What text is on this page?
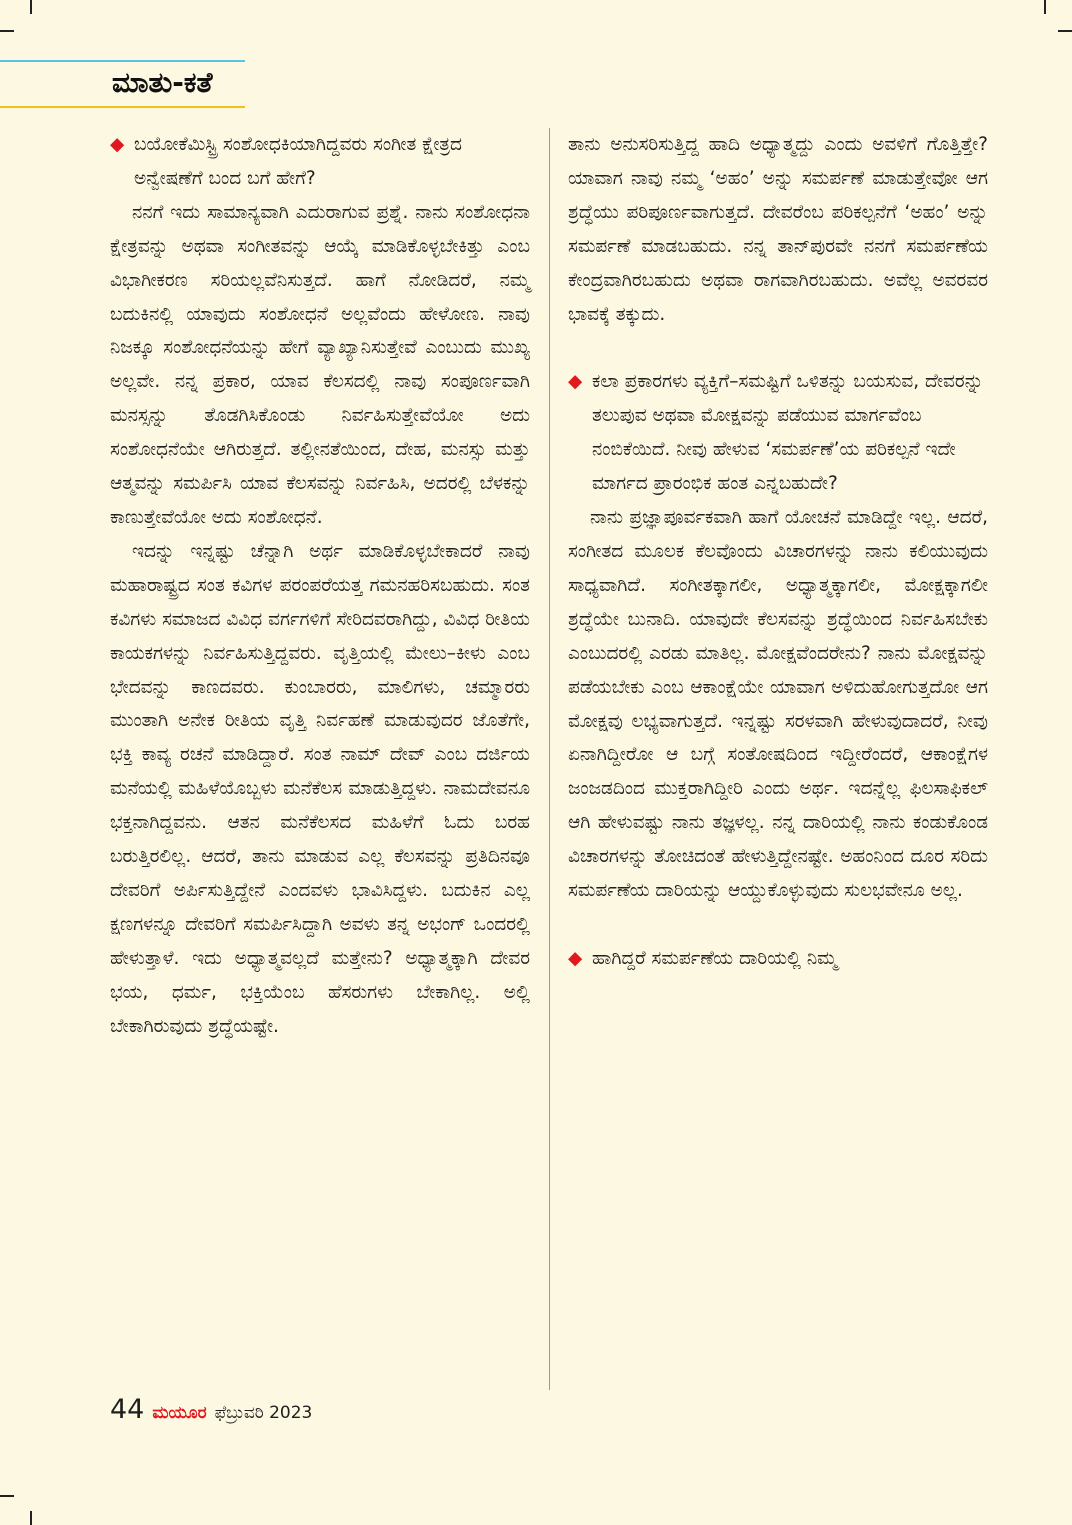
ಮಾತು-ಕತೆ

◆ ಬಯೋಕೆಮಿಸ್ಟ್ರಿ ಸಂಶೋಧಕಿಯಾಗಿದ್ದವರು ಸಂಗೀತ ಕ್ಷೇತ್ರದ ಅನ್ವೇಷಣೆಗೆ ಬಂದ ಬಗೆ ಹೇಗೆ?

ನನಗೆ ಇದು ಸಾಮಾನ್ಯವಾಗಿ ಎದುರಾಗುವ ಪ್ರಶ್ನೆ. ನಾನು ಸಂಶೋಧನಾ ಕ್ಷೇತ್ರವನ್ನು ಅಥವಾ ಸಂಗೀತವನ್ನು ಆಯ್ಕೆ ಮಾಡಿಕೊಳ್ಳಬೇಕಿತ್ತು ಎಂಬ ವಿಭಾಗೀಕರಣ ಸರಿಯಲ್ಲವೆನಿಸುತ್ತದೆ. ಹಾಗೆ ನೋಡಿದರೆ, ನಮ್ಮ ಬದುಕಿನಲ್ಲಿ ಯಾವುದು ಸಂಶೋಧನೆ ಅಲ್ಲವೆಂದು ಹೇಳೋಣ. ನಾವು ನಿಜಕ್ಕೂ ಸಂಶೋಧನೆಯನ್ನು ಹೇಗೆ ವ್ಯಾಖ್ಯಾನಿಸುತ್ತೇವೆ ಎಂಬುದು ಮುಖ್ಯ ಅಲ್ಲವೇ. ನನ್ನ ಪ್ರಕಾರ, ಯಾವ ಕೆಲಸದಲ್ಲಿ ನಾವು ಸಂಪೂರ್ಣವಾಗಿ ಮನಸ್ಸನ್ನು ತೊಡಗಿಸಿಕೊಂಡು ನಿರ್ವಹಿಸುತ್ತೇವೆಯೋ ಅದು ಸಂಶೋಧನೆಯೇ ಆಗಿರುತ್ತದೆ. ತಲ್ಲೀನತೆಯಿಂದ, ದೇಹ, ಮನಸ್ಸು ಮತ್ತು ಆತ್ಮವನ್ನು ಸಮರ್ಪಿಸಿ ಯಾವ ಕೆಲಸವನ್ನು ನಿರ್ವಹಿಸಿ, ಅದರಲ್ಲಿ ಬೆಳಕನ್ನು ಕಾಣುತ್ತೇವೆಯೋ ಅದು ಸಂಶೋಧನೆ.

ಇದನ್ನು ಇನ್ನಷ್ಟು ಚೆನ್ನಾಗಿ ಅರ್ಥ ಮಾಡಿಕೊಳ್ಳಬೇಕಾದರೆ ನಾವು ಮಹಾರಾಷ್ಟ್ರದ ಸಂತ ಕವಿಗಳ ಪರಂಪರೆಯತ್ತ ಗಮನಹರಿಸಬಹುದು. ಸಂತ ಕವಿಗಳು ಸಮಾಜದ ವಿವಿಧ ವರ್ಗಗಳಿಗೆ ಸೇರಿದವರಾಗಿದ್ದು, ವಿವಿಧ ರೀತಿಯ ಕಾಯಕಗಳನ್ನು ನಿರ್ವಹಿಸುತ್ತಿದ್ದವರು. ವೃತ್ತಿಯಲ್ಲಿ ಮೇಲು–ಕೀಳು ಎಂಬ ಭೇದವನ್ನು ಕಾಣದವರು. ಕುಂಬಾರರು, ಮಾಲಿಗಳು, ಚಮ್ಮಾರರು ಮುಂತಾಗಿ ಅನೇಕ ರೀತಿಯ ವೃತ್ತಿ ನಿರ್ವಹಣೆ ಮಾಡುವುದರ ಜೊತೆಗೇ, ಭಕ್ತಿ ಕಾವ್ಯ ರಚನೆ ಮಾಡಿದ್ದಾರೆ. ಸಂತ ನಾಮ್ ದೇವ್ ಎಂಬ ದರ್ಜಿಯ ಮನೆಯಲ್ಲಿ ಮಹಿಳೆಯೊಬ್ಬಳು ಮನೆಕೆಲಸ ಮಾಡುತ್ತಿದ್ದಳು. ನಾಮದೇವನೂ ಭಕ್ತನಾಗಿದ್ದವನು. ಆತನ ಮನೆಕೆಲಸದ ಮಹಿಳೆಗೆ ಓದು ಬರಹ ಬರುತ್ತಿರಲಿಲ್ಲ. ಆದರೆ, ತಾನು ಮಾಡುವ ಎಲ್ಲ ಕೆಲಸವನ್ನು ಪ್ರತಿದಿನವೂ ದೇವರಿಗೆ ಅರ್ಪಿಸುತ್ತಿದ್ದೇನೆ ಎಂದವಳು ಭಾವಿಸಿದ್ದಳು. ಬದುಕಿನ ಎಲ್ಲ ಕ್ಷಣಗಳನ್ನೂ ದೇವರಿಗೆ ಸಮರ್ಪಿಸಿದ್ದಾಗಿ ಅವಳು ತನ್ನ ಅಭಂಗ್ ಒಂದರಲ್ಲಿ ಹೇಳುತ್ತಾಳೆ. ಇದು ಅಧ್ಯಾತ್ಮವಲ್ಲದೆ ಮತ್ತೇನು? ಅಧ್ಯಾತ್ಮಕ್ಕಾಗಿ ದೇವರ ಭಯ, ಧರ್ಮ, ಭಕ್ತಿಯೆಂಬ ಹೆಸರುಗಳು ಬೇಕಾಗಿಲ್ಲ. ಅಲ್ಲಿ ಬೇಕಾಗಿರುವುದು ಶ್ರದ್ಧೆಯಷ್ಟೇ.

ತಾನು ಅನುಸರಿಸುತ್ತಿದ್ದ ಹಾದಿ ಅಧ್ಯಾತ್ಮದ್ದು ಎಂದು ಅವಳಿಗೆ ಗೊತ್ತಿತ್ತೇ? ಯಾವಾಗ ನಾವು ನಮ್ಮ ‘ಅಹಂ’ ಅನ್ನು ಸಮರ್ಪಣೆ ಮಾಡುತ್ತೇವೋ ಆಗ ಶ್ರದ್ಧೆಯು ಪರಿಪೂರ್ಣವಾಗುತ್ತದೆ. ದೇವರೆಂಬ ಪರಿಕಲ್ಪನೆಗೆ ‘ಅಹಂ’ ಅನ್ನು ಸಮರ್ಪಣೆ ಮಾಡಬಹುದು. ನನ್ನ ತಾನ್‌ಪುರವೇ ನನಗೆ ಸಮರ್ಪಣೆಯ ಕೇಂದ್ರವಾಗಿರಬಹುದು ಅಥವಾ ರಾಗವಾಗಿರಬಹುದು. ಅವೆಲ್ಲ ಅವರವರ ಭಾವಕ್ಕೆ ತಕ್ಕುದು.

◆ ಕಲಾ ಪ್ರಕಾರಗಳು ವ್ಯಕ್ತಿಗೆ–ಸಮಷ್ಟಿಗೆ ಒಳಿತನ್ನು ಬಯಸುವ, ದೇವರನ್ನು ತಲುಪುವ ಅಥವಾ ಮೋಕ್ಷವನ್ನು ಪಡೆಯುವ ಮಾರ್ಗವೆಂಬ ನಂಬಿಕೆಯಿದೆ. ನೀವು ಹೇಳುವ ‘ಸಮರ್ಪಣೆ’ಯ ಪರಿಕಲ್ಪನೆ ಇದೇ ಮಾರ್ಗದ ಪ್ರಾರಂಭಿಕ ಹಂತ ಎನ್ನಬಹುದೇ?

ನಾನು ಪ್ರಜ್ಞಾಪೂರ್ವಕವಾಗಿ ಹಾಗೆ ಯೋಚನೆ ಮಾಡಿದ್ದೇ ಇಲ್ಲ. ಆದರೆ, ಸಂಗೀತದ ಮೂಲಕ ಕೆಲವೊಂದು ವಿಚಾರಗಳನ್ನು ನಾನು ಕಲಿಯುವುದು ಸಾಧ್ಯವಾಗಿದೆ. ಸಂಗೀತಕ್ಕಾಗಲೀ, ಅಧ್ಯಾತ್ಮಕ್ಕಾಗಲೀ, ಮೋಕ್ಷಕ್ಕಾಗಲೀ ಶ್ರದ್ಧೆಯೇ ಬುನಾದಿ. ಯಾವುದೇ ಕೆಲಸವನ್ನು ಶ್ರದ್ಧೆಯಿಂದ ನಿರ್ವಹಿಸಬೇಕು ಎಂಬುದರಲ್ಲಿ ಎರಡು ಮಾತಿಲ್ಲ. ಮೋಕ್ಷವೆಂದರೇನು? ನಾನು ಮೋಕ್ಷವನ್ನು ಪಡೆಯಬೇಕು ಎಂಬ ಆಕಾಂಕ್ಷೆಯೇ ಯಾವಾಗ ಅಳಿದುಹೋಗುತ್ತದೋ ಆಗ ಮೋಕ್ಷವು ಲಭ್ಯವಾಗುತ್ತದೆ. ಇನ್ನಷ್ಟು ಸರಳವಾಗಿ ಹೇಳುವುದಾದರೆ, ನೀವು ಏನಾಗಿದ್ದೀರೋ ಆ ಬಗ್ಗೆ ಸಂತೋಷದಿಂದ ಇದ್ದೀರೆಂದರೆ, ಆಕಾಂಕ್ಷೆಗಳ ಜಂಜಡದಿಂದ ಮುಕ್ತರಾಗಿದ್ದೀರಿ ಎಂದು ಅರ್ಥ. ಇದನ್ನೆಲ್ಲ ಫಿಲಸಾಫಿಕಲ್ ಆಗಿ ಹೇಳುವಷ್ಟು ನಾನು ತಜ್ಞಳಲ್ಲ. ನನ್ನ ದಾರಿಯಲ್ಲಿ ನಾನು ಕಂಡುಕೊಂಡ ವಿಚಾರಗಳನ್ನು ತೋಚಿದಂತೆ ಹೇಳುತ್ತಿದ್ದೇನಷ್ಟೇ. ಅಹಂನಿಂದ ದೂರ ಸರಿದು ಸಮರ್ಪಣೆಯ ದಾರಿಯನ್ನು ಆಯ್ದುಕೊಳ್ಳುವುದು ಸುಲಭವೇನೂ ಅಲ್ಲ.

◆ ಹಾಗಿದ್ದರೆ ಸಮರ್ಪಣೆಯ ದಾರಿಯಲ್ಲಿ ನಿಮ್ಮ

44 ಮಯೂರ ಫೆಬ್ರುವರಿ 2023
